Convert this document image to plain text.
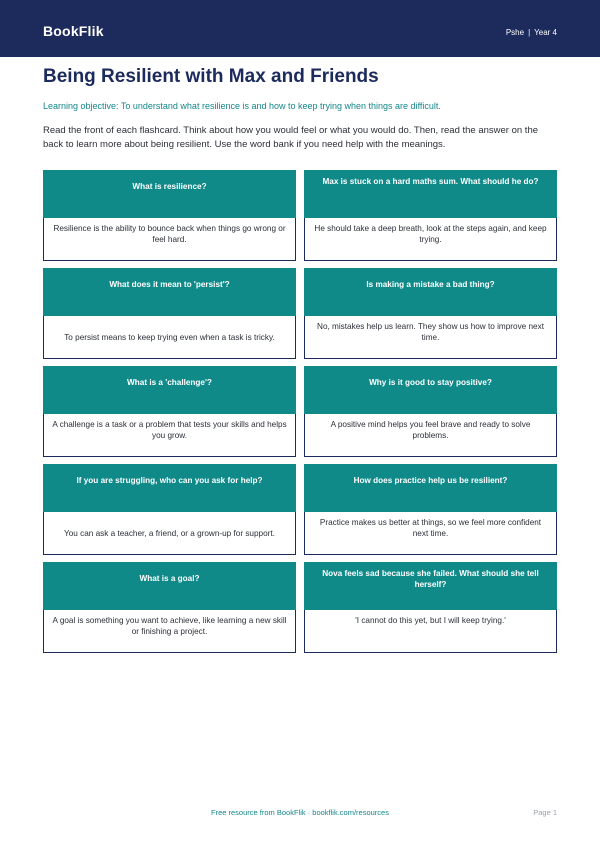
BookFlik	Pshe | Year 4
Being Resilient with Max and Friends

Learning objective: To understand what resilience is and how to keep trying when things are difficult.

Read the front of each flashcard. Think about how you would feel or what you would do. Then, read the answer on the back to learn more about being resilient. Use the word bank if you need help with the meanings.

What is resilience?
Resilience is the ability to bounce back when things go wrong or feel hard.
Max is stuck on a hard maths sum. What should he do?
He should take a deep breath, look at the steps again, and keep trying.
What does it mean to 'persist'?
To persist means to keep trying even when a task is tricky.
Is making a mistake a bad thing?
No, mistakes help us learn. They show us how to improve next time.
What is a 'challenge'?
A challenge is a task or a problem that tests your skills and helps you grow.
Why is it good to stay positive?
A positive mind helps you feel brave and ready to solve problems.
If you are struggling, who can you ask for help?
You can ask a teacher, a friend, or a grown-up for support.
How does practice help us be resilient?
Practice makes us better at things, so we feel more confident next time.
What is a goal?
A goal is something you want to achieve, like learning a new skill or finishing a project.
Nova feels sad because she failed. What should she tell herself?
'I cannot do this yet, but I will keep trying.'
Free resource from BookFlik · bookflik.com/resources	Page 1
